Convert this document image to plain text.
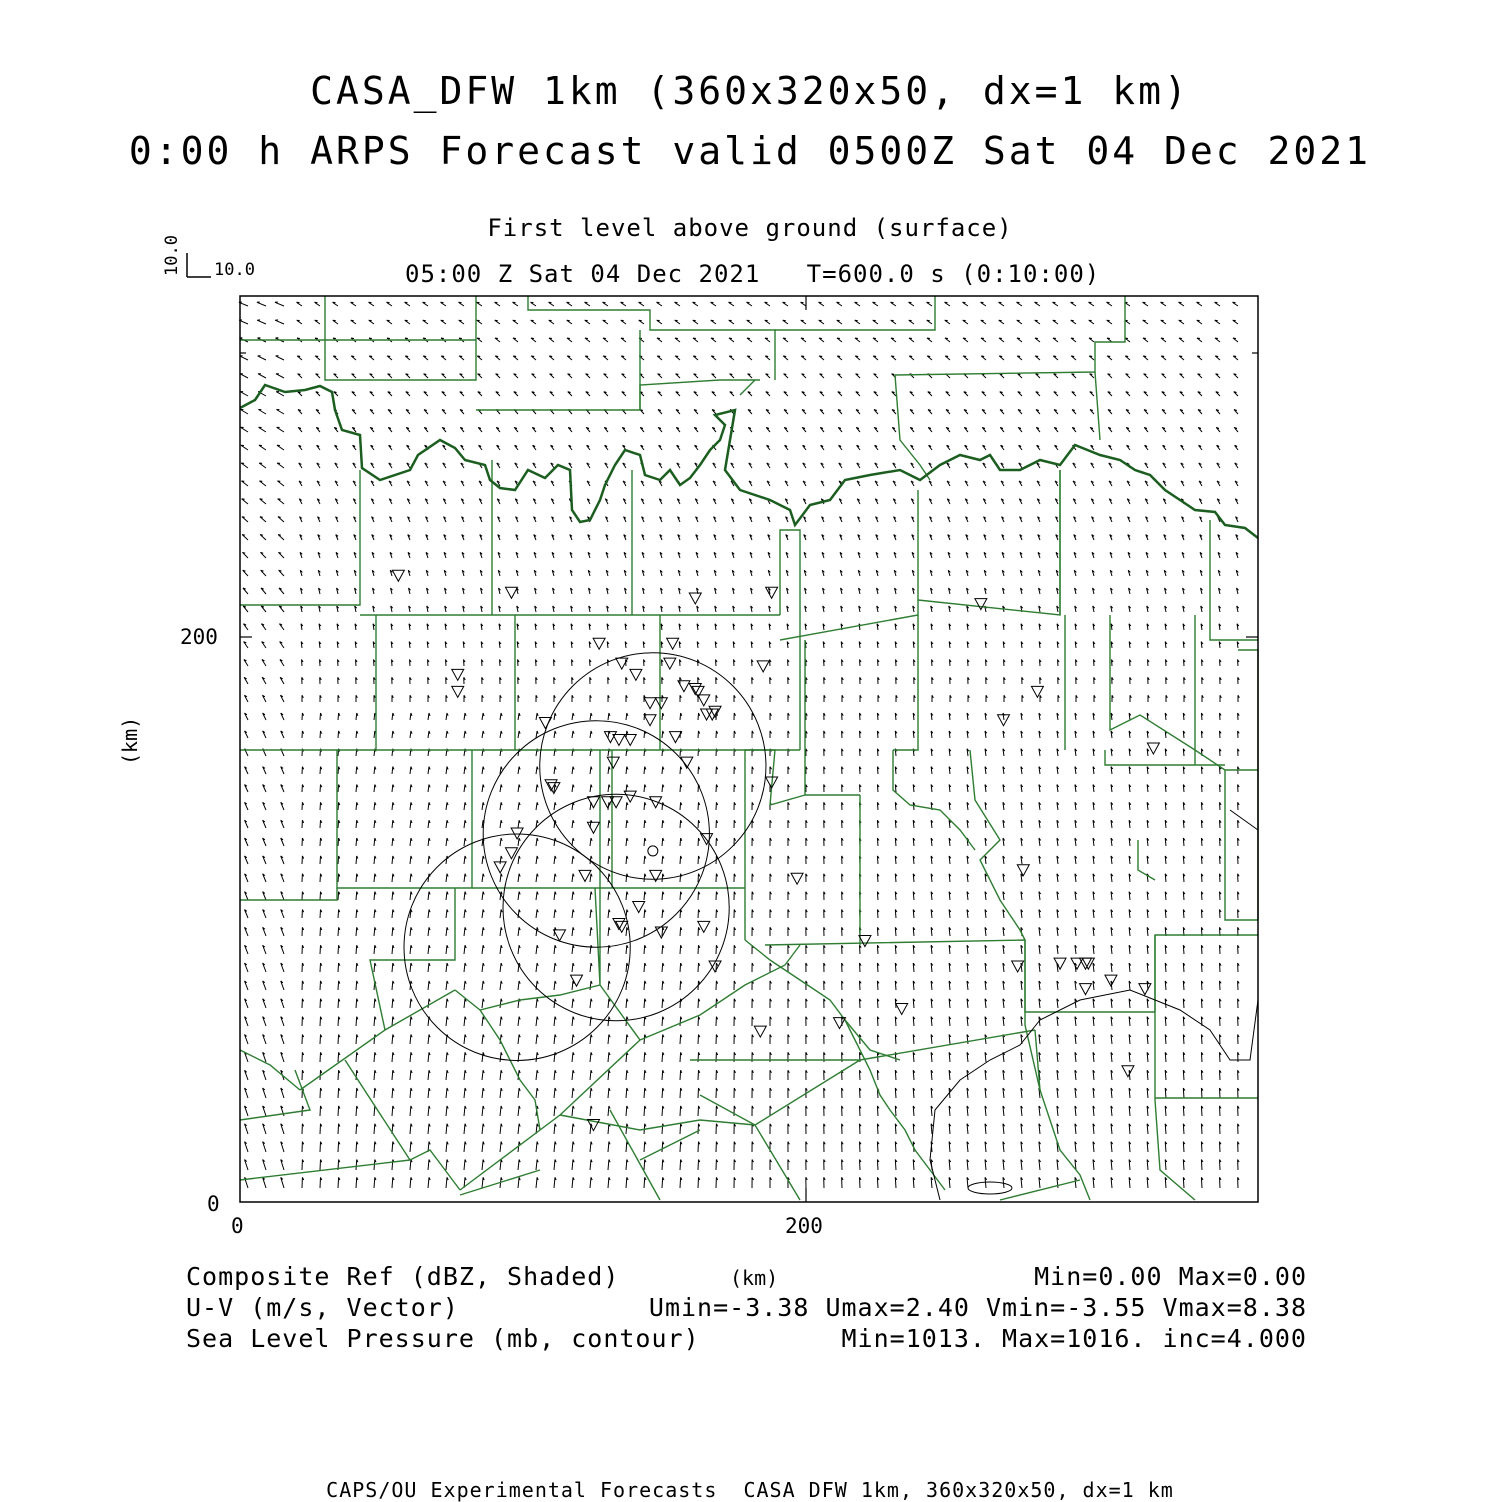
CASA_DFW 1km (360x320x50, dx=1 km)
0:00 h ARPS Forecast valid 0500Z Sat 04 Dec 2021
First level above ground (surface)
05:00 Z Sat 04 Dec 2021   T=600.0 s (0:10:00)
10.0
10.0
200
0
0	200
(km)
(km)
Composite Ref (dBZ, Shaded)	Min=0.00 Max=0.00
U-V (m/s, Vector)	Umin=-3.38 Umax=2.40 Vmin=-3.55 Vmax=8.38
Sea Level Pressure (mb, contour)	Min=1013. Max=1016. inc=4.000
CAPS/OU Experimental Forecasts  CASA DFW 1km, 360x320x50, dx=1 km
